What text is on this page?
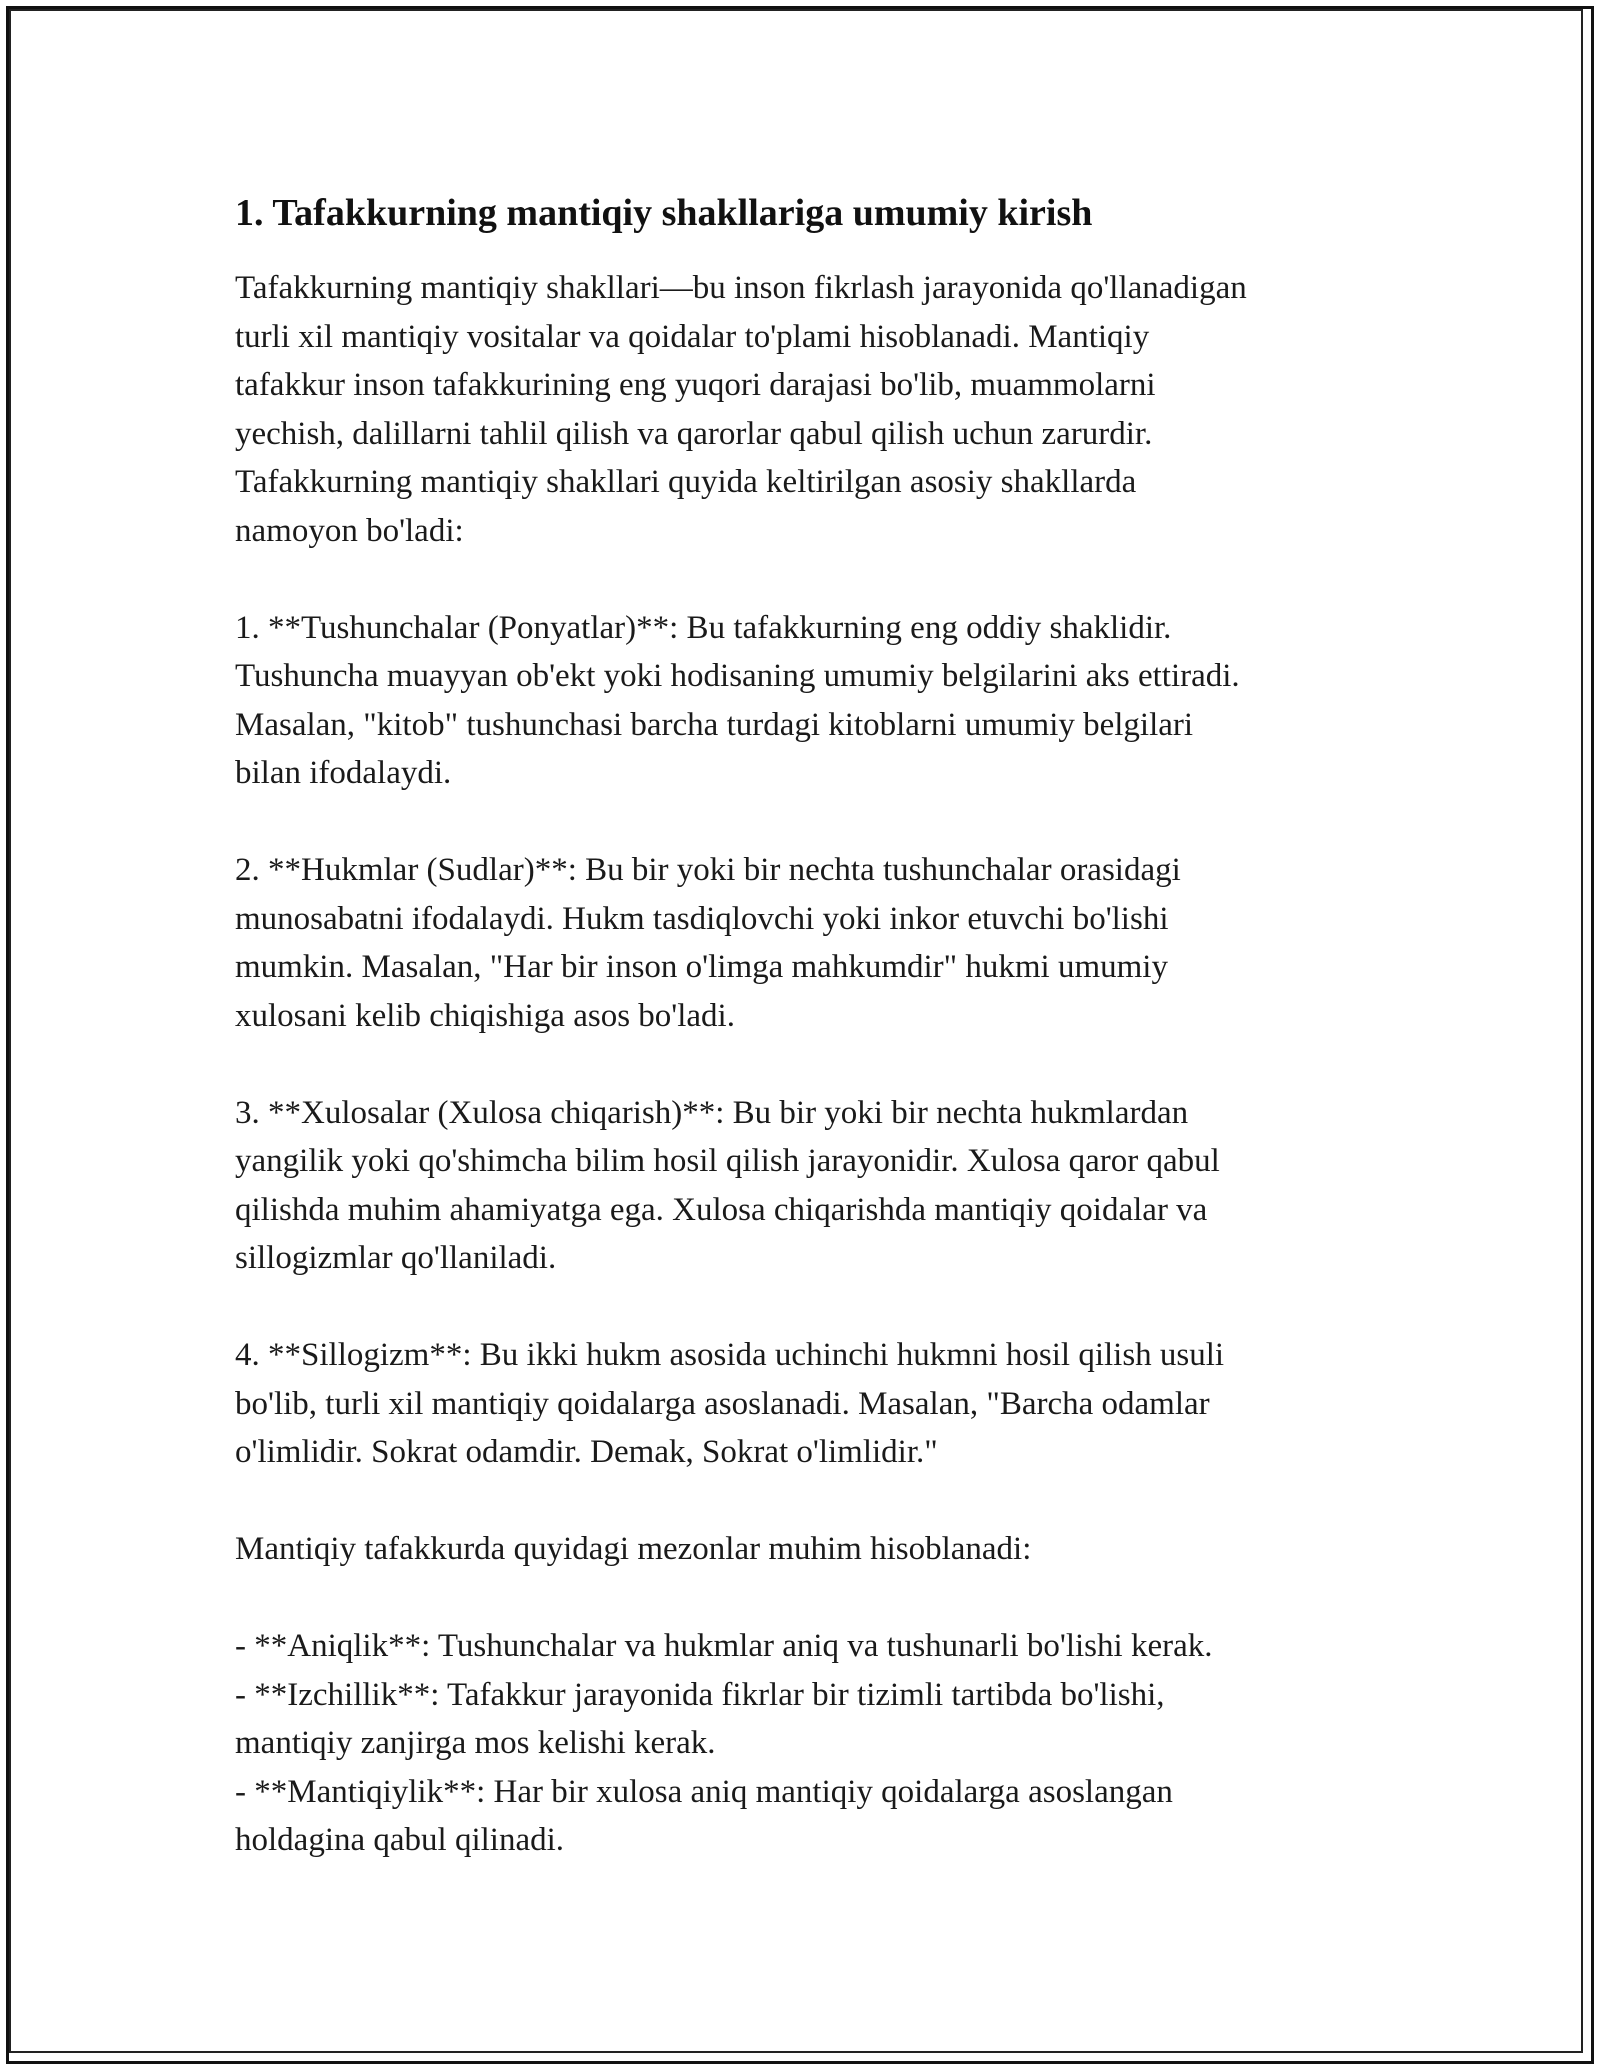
1. Tafakkurning mantiqiy shakllariga umumiy kirish

Tafakkurning mantiqiy shakllari—bu inson fikrlash jarayonida qo'llanadigan
turli xil mantiqiy vositalar va qoidalar to'plami hisoblanadi. Mantiqiy
tafakkur inson tafakkurining eng yuqori darajasi bo'lib, muammolarni
yechish, dalillarni tahlil qilish va qarorlar qabul qilish uchun zarurdir.
Tafakkurning mantiqiy shakllari quyida keltirilgan asosiy shakllarda
namoyon bo'ladi:

1. **Tushunchalar (Ponyatlar)**: Bu tafakkurning eng oddiy shaklidir.
Tushuncha muayyan ob'ekt yoki hodisaning umumiy belgilarini aks ettiradi.
Masalan, "kitob" tushunchasi barcha turdagi kitoblarni umumiy belgilari
bilan ifodalaydi.

2. **Hukmlar (Sudlar)**: Bu bir yoki bir nechta tushunchalar orasidagi
munosabatni ifodalaydi. Hukm tasdiqlovchi yoki inkor etuvchi bo'lishi
mumkin. Masalan, "Har bir inson o'limga mahkumdir" hukmi umumiy
xulosani kelib chiqishiga asos bo'ladi.

3. **Xulosalar (Xulosa chiqarish)**: Bu bir yoki bir nechta hukmlardan
yangilik yoki qo'shimcha bilim hosil qilish jarayonidir. Xulosa qaror qabul
qilishda muhim ahamiyatga ega. Xulosa chiqarishda mantiqiy qoidalar va
sillogizmlar qo'llaniladi.

4. **Sillogizm**: Bu ikki hukm asosida uchinchi hukmni hosil qilish usuli
bo'lib, turli xil mantiqiy qoidalarga asoslanadi. Masalan, "Barcha odamlar
o'limlidir. Sokrat odamdir. Demak, Sokrat o'limlidir."

Mantiqiy tafakkurda quyidagi mezonlar muhim hisoblanadi:

- **Aniqlik**: Tushunchalar va hukmlar aniq va tushunarli bo'lishi kerak.

- **Izchillik**: Tafakkur jarayonida fikrlar bir tizimli tartibda bo'lishi,
mantiqiy zanjirga mos kelishi kerak.

- **Mantiqiylik**: Har bir xulosa aniq mantiqiy qoidalarga asoslangan
holdagina qabul qilinadi.
